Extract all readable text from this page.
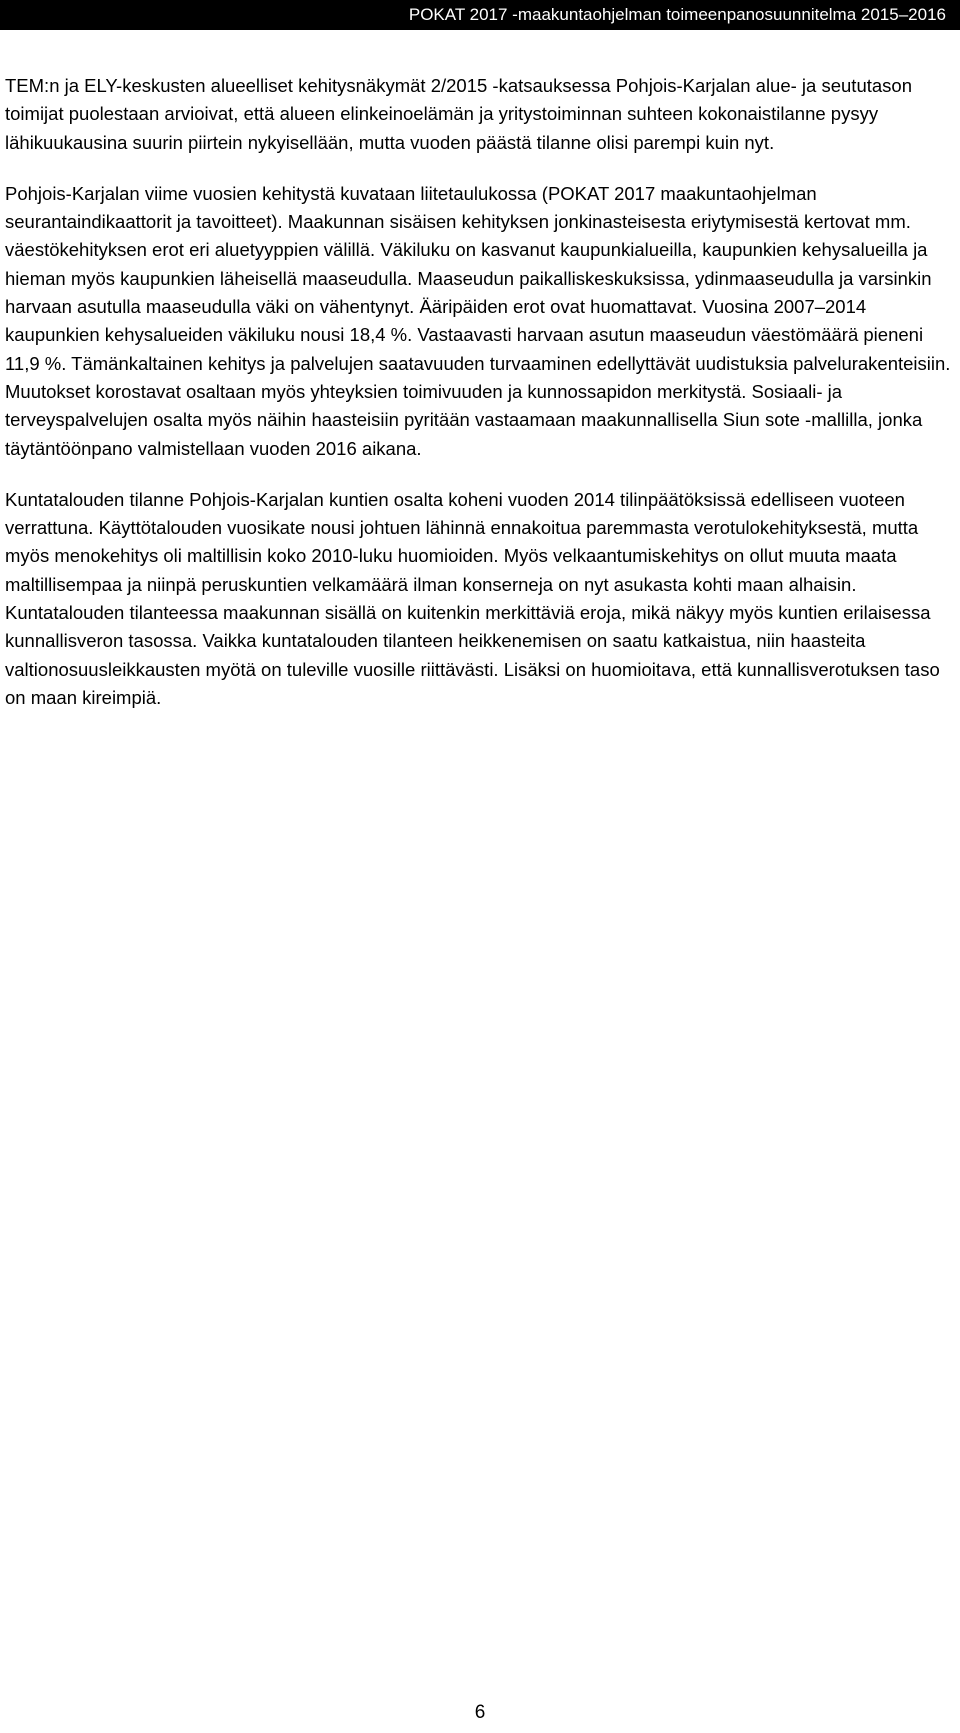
POKAT 2017 -maakuntaohjelman toimeenpanosuunnitelma 2015–2016

TEM:n ja ELY-keskusten alueelliset kehitysnäkymät 2/2015 -katsauksessa Pohjois-Karjalan alue- ja seututason toimijat puolestaan arvioivat, että alueen elinkeinoelämän ja yritystoiminnan suhteen kokonaistilanne pysyy lähikuukausina suurin piirtein nykyisellään, mutta vuoden päästä tilanne olisi parempi kuin nyt.

Pohjois-Karjalan viime vuosien kehitystä kuvataan liitetaulukossa (POKAT 2017 maakuntaohjelman seurantaindikaattorit ja tavoitteet). Maakunnan sisäisen kehityksen jonkinasteisesta eriytymisestä kertovat mm. väestökehityksen erot eri aluetyyppien välillä. Väkiluku on kasvanut kaupunkialueilla, kaupunkien kehysalueilla ja hieman myös kaupunkien läheisellä maaseudulla. Maaseudun paikalliskeskuksissa, ydinmaaseudulla ja varsinkin harvaan asutulla maaseudulla väki on vähentynyt. Ääripäiden erot ovat huomattavat. Vuosina 2007–2014 kaupunkien kehysalueiden väkiluku nousi 18,4 %. Vastaavasti harvaan asutun maaseudun väestömäärä pieneni 11,9 %. Tämänkaltainen kehitys ja palvelujen saatavuuden turvaaminen edellyttävät uudistuksia palvelurakenteisiin. Muutokset korostavat osaltaan myös yhteyksien toimivuuden ja kunnossapidon merkitystä. Sosiaali- ja terveyspalvelujen osalta myös näihin haasteisiin pyritään vastaamaan maakunnallisella Siun sote -mallilla, jonka täytäntöönpano valmistellaan vuoden 2016 aikana.

Kuntatalouden tilanne Pohjois-Karjalan kuntien osalta koheni vuoden 2014 tilinpäätöksissä edelliseen vuoteen verrattuna. Käyttötalouden vuosikate nousi johtuen lähinnä ennakoitua paremmasta verotulokehityksestä, mutta myös menokehitys oli maltillisin koko 2010-luku huomioiden. Myös velkaantumiskehitys on ollut muuta maata maltillisempaa ja niinpä peruskuntien velkamäärä ilman konserneja on nyt asukasta kohti maan alhaisin. Kuntatalouden tilanteessa maakunnan sisällä on kuitenkin merkittäviä eroja, mikä näkyy myös kuntien erilaisessa kunnallisveron tasossa. Vaikka kuntatalouden tilanteen heikkenemisen on saatu katkaistua, niin haasteita valtionosuusleikkausten myötä on tuleville vuosille riittävästi. Lisäksi on huomioitava, että kunnallisverotuksen taso on maan kireimpiä.

6
